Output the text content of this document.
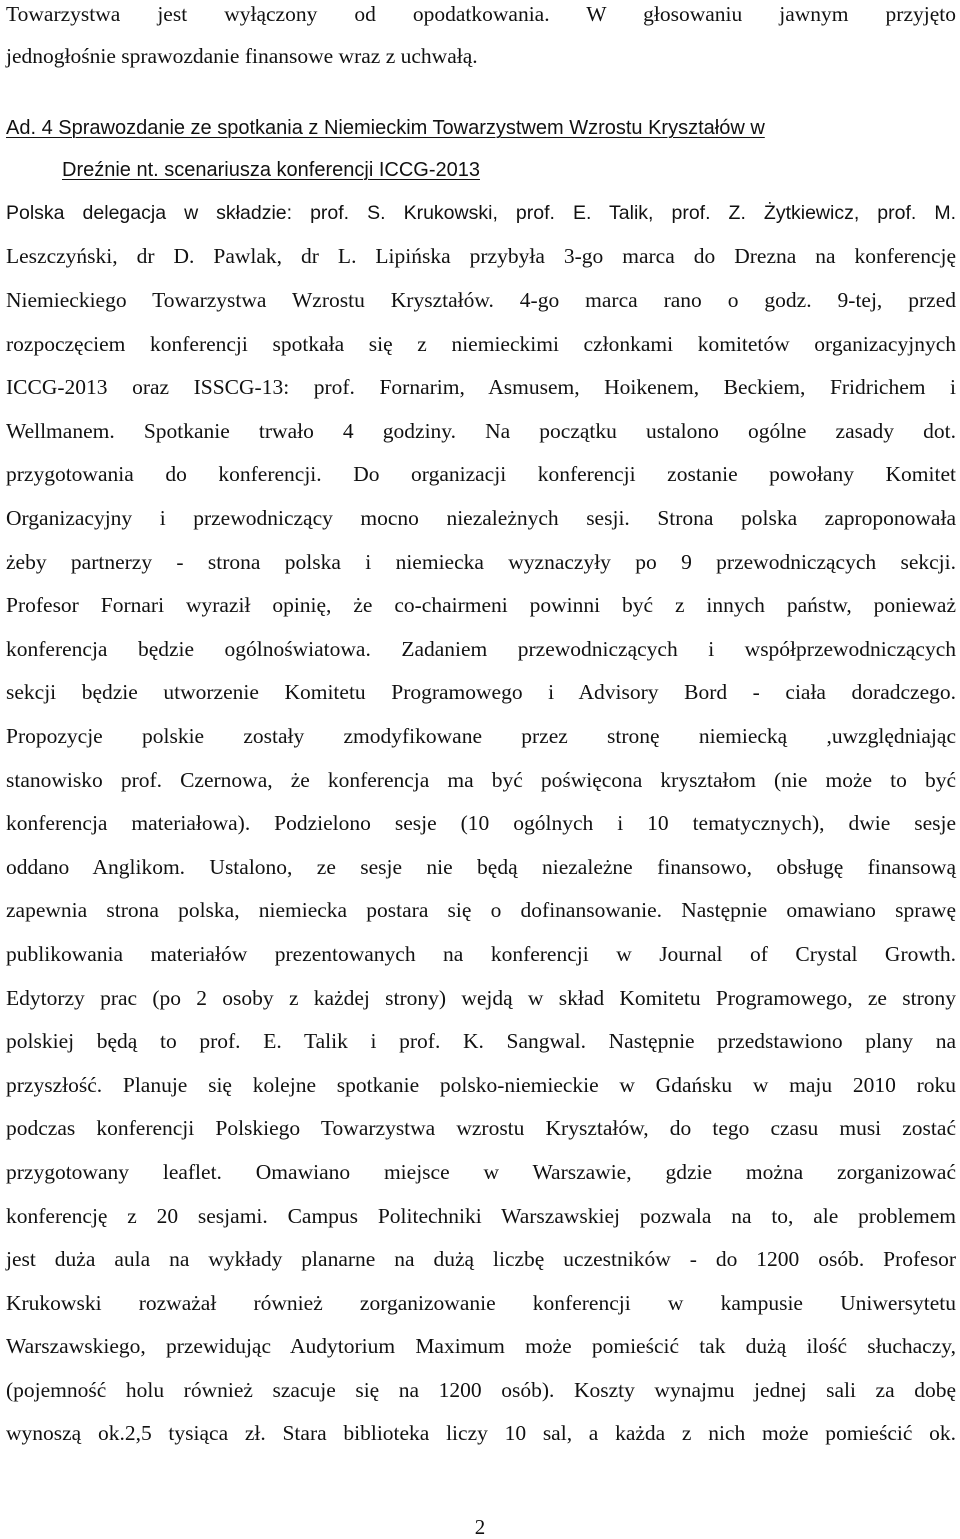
Towarzystwa jest wyłączony od opodatkowania. W głosowaniu jawnym przyjęto
jednogłośnie sprawozdanie finansowe wraz z uchwałą.
Ad. 4 Sprawozdanie ze spotkania z Niemieckim Towarzystwem Wzrostu Kryształów w
Dreźnie nt. scenariusza konferencji ICCG-2013
Polska delegacja w składzie: prof. S. Krukowski, prof. E. Talik, prof. Z. Żytkiewicz, prof. M.
Leszczyński, dr D. Pawlak, dr L. Lipińska przybyła 3-go marca do Drezna na konferencję
Niemieckiego Towarzystwa Wzrostu Kryształów. 4-go marca rano o godz. 9-tej, przed
rozpoczęciem konferencji spotkała się z niemieckimi członkami komitetów organizacyjnych
ICCG-2013 oraz ISSCG-13: prof. Fornarim, Asmusem, Hoikenem, Beckiem, Fridrichem i
Wellmanem. Spotkanie trwało 4 godziny. Na początku ustalono ogólne zasady dot.
przygotowania do konferencji. Do organizacji konferencji zostanie powołany Komitet
Organizacyjny i przewodniczący mocno niezależnych sesji. Strona polska zaproponowała
żeby partnerzy - strona polska i niemiecka wyznaczyły po 9 przewodniczących sekcji.
Profesor Fornari wyraził opinię, że co-chairmeni powinni być z innych państw, ponieważ
konferencja będzie ogólnoświatowa. Zadaniem przewodniczących i współprzewodniczących
sekcji będzie utworzenie Komitetu Programowego i Advisory Bord - ciała doradczego.
Propozycje polskie zostały zmodyfikowane przez stronę niemiecką ,uwzględniając
stanowisko prof. Czernowa, że konferencja ma być poświęcona kryształom (nie może to być
konferencja materiałowa). Podzielono sesje (10 ogólnych i 10 tematycznych), dwie sesje
oddano Anglikom. Ustalono, ze sesje nie będą niezależne finansowo, obsługę finansową
zapewnia strona polska, niemiecka postara się o dofinansowanie. Następnie omawiano sprawę
publikowania materiałów prezentowanych na konferencji w Journal of Crystal Growth.
Edytorzy prac (po 2 osoby z każdej strony) wejdą w skład Komitetu Programowego, ze strony
polskiej będą to prof. E. Talik i prof. K. Sangwal. Następnie przedstawiono plany na
przyszłość. Planuje się kolejne spotkanie polsko-niemieckie w Gdańsku w maju 2010 roku
podczas konferencji Polskiego Towarzystwa wzrostu Kryształów, do tego czasu musi zostać
przygotowany leaflet. Omawiano miejsce w Warszawie, gdzie można zorganizować
konferencję z 20 sesjami. Campus Politechniki Warszawskiej pozwala na to, ale problemem
jest duża aula na wykłady planarne na dużą liczbę uczestników - do 1200 osób. Profesor
Krukowski rozważał również zorganizowanie konferencji w kampusie Uniwersytetu
Warszawskiego, przewidując Audytorium Maximum może pomieścić tak dużą ilość słuchaczy,
(pojemność holu również szacuje się na 1200 osób). Koszty wynajmu jednej sali za dobę
wynoszą ok.2,5 tysiąca zł. Stara biblioteka liczy 10 sal, a każda z nich może pomieścić ok.
2
